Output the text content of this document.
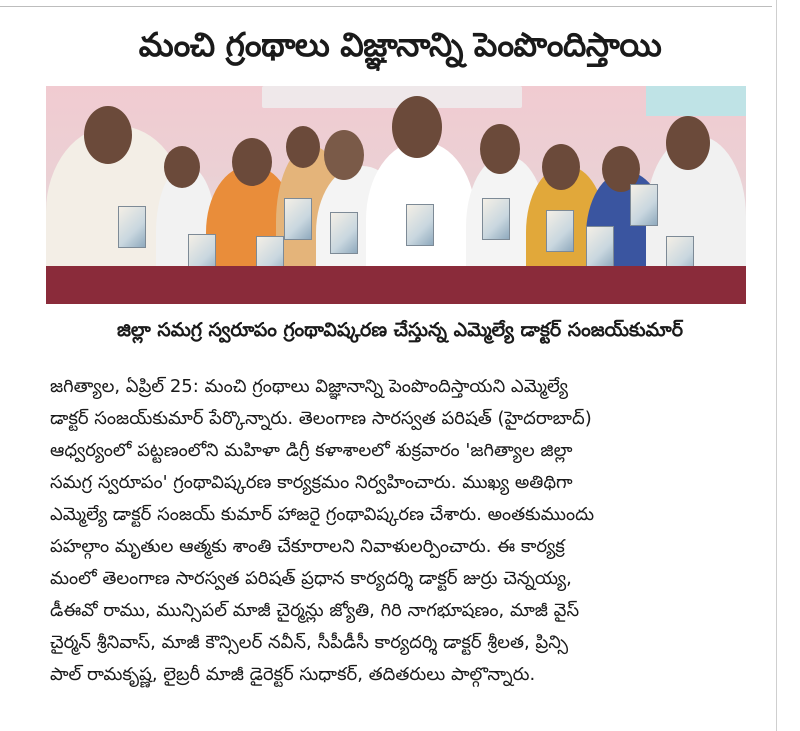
మంచి గ్రంథాలు విజ్ఞానాన్ని పెంపొందిస్తాయి
జిల్లా సమగ్ర స్వరూపం గ్రంథావిష్కరణ చేస్తున్న ఎమ్మెల్యే డాక్టర్ సంజయ్‌కుమార్
జగిత్యాల, ఏప్రిల్ 25: మంచి గ్రంథాలు విజ్ఞానాన్ని పెంపొందిస్తాయని ఎమ్మెల్యే
డాక్టర్ సంజయ్‌కుమార్ పేర్కొన్నారు. తెలంగాణ సారస్వత పరిషత్ (హైదరాబాద్)
ఆధ్వర్యంలో పట్టణంలోని మహిళా డిగ్రీ కళాశాలలో శుక్రవారం 'జగిత్యాల జిల్లా
సమగ్ర స్వరూపం' గ్రంథావిష్కరణ కార్యక్రమం నిర్వహించారు. ముఖ్య అతిథిగా
ఎమ్మెల్యే డాక్టర్ సంజయ్ కుమార్ హాజరై గ్రంథావిష్కరణ చేశారు. అంతకుముందు
పహల్గాం మృతుల ఆత్మకు శాంతి చేకూరాలని నివాళులర్పించారు. ఈ కార్యక్ర
మంలో తెలంగాణ సారస్వత పరిషత్ ప్రధాన కార్యదర్శి డాక్టర్ జుర్రు చెన్నయ్య,
డీఈవో రాము, మున్సిపల్ మాజీ చైర్మన్లు జ్యోతి, గిరి నాగభూషణం, మాజీ వైస్
చైర్మన్ శ్రీనివాస్, మాజీ కౌన్సిలర్ నవీన్, సీపీడీసీ కార్యదర్శి డాక్టర్ శ్రీలత, ప్రిన్సి
పాల్ రామకృష్ణ, లైబ్రరీ మాజీ డైరెక్టర్ సుధాకర్, తదితరులు పాల్గొన్నారు.
